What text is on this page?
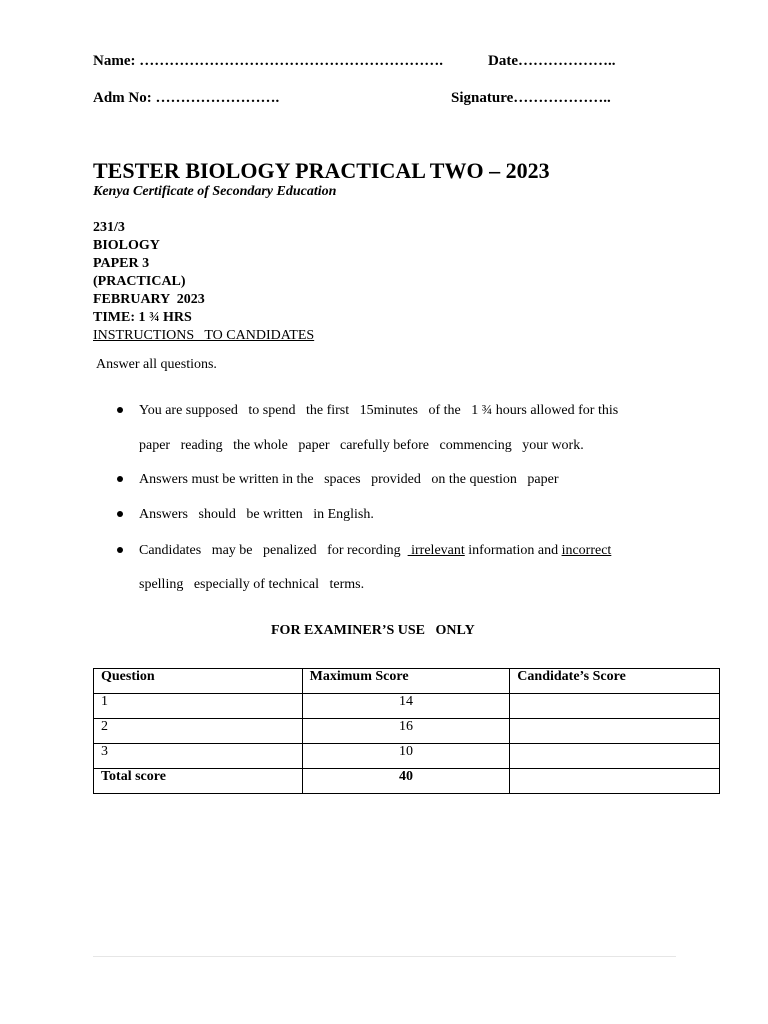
Name: …………………………………………………….	Date………………..
Adm No: …………………….	Signature………………..
TESTER BIOLOGY PRACTICAL TWO – 2023
Kenya Certificate of Secondary Education
231/3
BIOLOGY
PAPER 3
(PRACTICAL)
FEBRUARY  2023
TIME: 1 ¾ HRS
INSTRUCTIONS   TO CANDIDATES
Answer all questions.
You are supposed   to spend   the first   15minutes   of the   1 ¾ hours allowed for this
paper   reading   the whole   paper   carefully before   commencing   your work.
Answers must be written in the   spaces   provided   on the question   paper
Answers   should   be written   in English.
Candidates   may be   penalized   for recording   irrelevant information and incorrect
spelling   especially of technical   terms.
FOR EXAMINER’S USE   ONLY
Question	Maximum Score	Candidate’s Score
1	14	
2	16	
3	10	
Total score	40	
